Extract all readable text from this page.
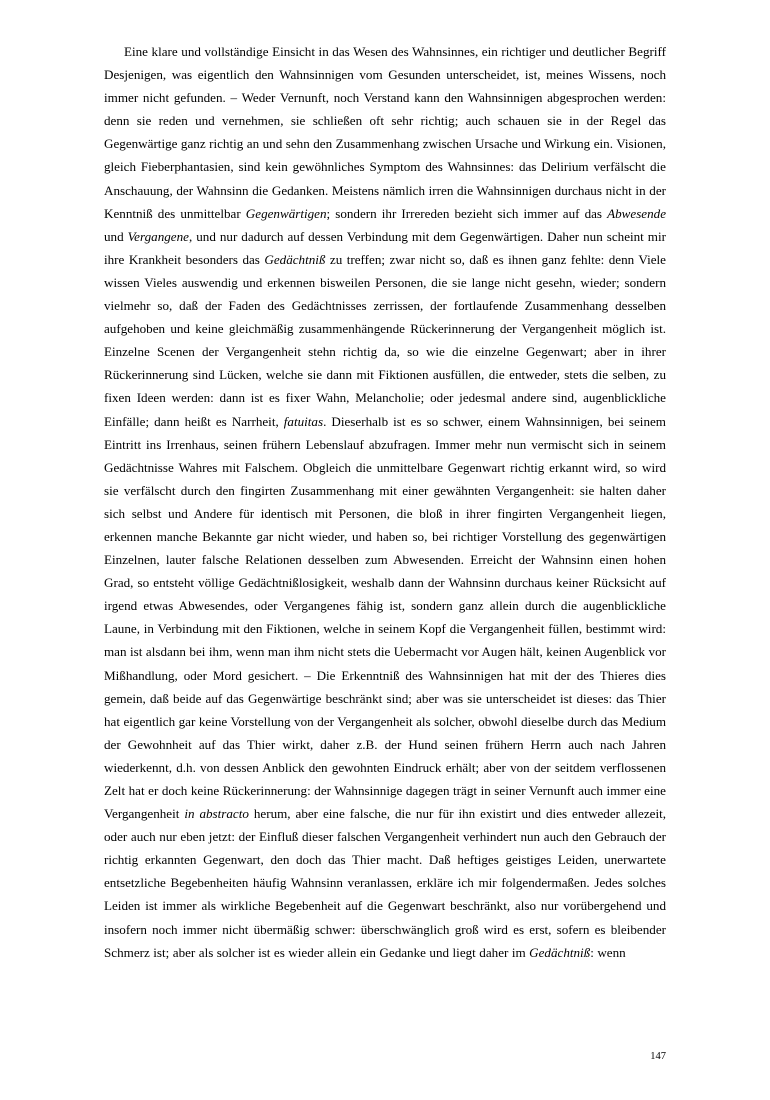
Eine klare und vollständige Einsicht in das Wesen des Wahnsinnes, ein richtiger und deutlicher Begriff Desjenigen, was eigentlich den Wahnsinnigen vom Gesunden unterscheidet, ist, meines Wissens, noch immer nicht gefunden. – Weder Vernunft, noch Verstand kann den Wahnsinnigen abgesprochen werden: denn sie reden und vernehmen, sie schließen oft sehr richtig; auch schauen sie in der Regel das Gegenwärtige ganz richtig an und sehn den Zusammenhang zwischen Ursache und Wirkung ein. Visionen, gleich Fieberphantasien, sind kein gewöhnliches Symptom des Wahnsinnes: das Delirium verfälscht die Anschauung, der Wahnsinn die Gedanken. Meistens nämlich irren die Wahnsinnigen durchaus nicht in der Kenntniß des unmittelbar Gegenwärtigen; sondern ihr Irrereden bezieht sich immer auf das Abwesende und Vergangene, und nur dadurch auf dessen Verbindung mit dem Gegenwärtigen. Daher nun scheint mir ihre Krankheit besonders das Gedächtniß zu treffen; zwar nicht so, daß es ihnen ganz fehlte: denn Viele wissen Vieles auswendig und erkennen bisweilen Personen, die sie lange nicht gesehn, wieder; sondern vielmehr so, daß der Faden des Gedächtnisses zerrissen, der fortlaufende Zusammenhang desselben aufgehoben und keine gleichmäßig zusammenhängende Rückerinnerung der Vergangenheit möglich ist. Einzelne Scenen der Vergangenheit stehn richtig da, so wie die einzelne Gegenwart; aber in ihrer Rückerinnerung sind Lücken, welche sie dann mit Fiktionen ausfüllen, die entweder, stets die selben, zu fixen Ideen werden: dann ist es fixer Wahn, Melancholie; oder jedesmal andere sind, augenblickliche Einfälle; dann heißt es Narrheit, fatuitas. Dieserhalb ist es so schwer, einem Wahnsinnigen, bei seinem Eintritt ins Irrenhaus, seinen frühern Lebenslauf abzufragen. Immer mehr nun vermischt sich in seinem Gedächtnisse Wahres mit Falschem. Obgleich die unmittelbare Gegenwart richtig erkannt wird, so wird sie verfälscht durch den fingirten Zusammenhang mit einer gewähnten Vergangenheit: sie halten daher sich selbst und Andere für identisch mit Personen, die bloß in ihrer fingirten Vergangenheit liegen, erkennen manche Bekannte gar nicht wieder, und haben so, bei richtiger Vorstellung des gegenwärtigen Einzelnen, lauter falsche Relationen desselben zum Abwesenden. Erreicht der Wahnsinn einen hohen Grad, so entsteht völlige Gedächtnißlosigkeit, weshalb dann der Wahnsinn durchaus keiner Rücksicht auf irgend etwas Abwesendes, oder Vergangenes fähig ist, sondern ganz allein durch die augenblickliche Laune, in Verbindung mit den Fiktionen, welche in seinem Kopf die Vergangenheit füllen, bestimmt wird: man ist alsdann bei ihm, wenn man ihm nicht stets die Uebermacht vor Augen hält, keinen Augenblick vor Mißhandlung, oder Mord gesichert. – Die Erkenntniß des Wahnsinnigen hat mit der des Thieres dies gemein, daß beide auf das Gegenwärtige beschränkt sind; aber was sie unterscheidet ist dieses: das Thier hat eigentlich gar keine Vorstellung von der Vergangenheit als solcher, obwohl dieselbe durch das Medium der Gewohnheit auf das Thier wirkt, daher z.B. der Hund seinen frühern Herrn auch nach Jahren wiederkennt, d.h. von dessen Anblick den gewohnten Eindruck erhält; aber von der seitdem verflossenen Zelt hat er doch keine Rückerinnerung: der Wahnsinnige dagegen trägt in seiner Vernunft auch immer eine Vergangenheit in abstracto herum, aber eine falsche, die nur für ihn existirt und dies entweder allezeit, oder auch nur eben jetzt: der Einfluß dieser falschen Vergangenheit verhindert nun auch den Gebrauch der richtig erkannten Gegenwart, den doch das Thier macht. Daß heftiges geistiges Leiden, unerwartete entsetzliche Begebenheiten häufig Wahnsinn veranlassen, erkläre ich mir folgendermaßen. Jedes solches Leiden ist immer als wirkliche Begebenheit auf die Gegenwart beschränkt, also nur vorübergehend und insofern noch immer nicht übermäßig schwer: überschwänglich groß wird es erst, sofern es bleibender Schmerz ist; aber als solcher ist es wieder allein ein Gedanke und liegt daher im Gedächtniß: wenn

147
